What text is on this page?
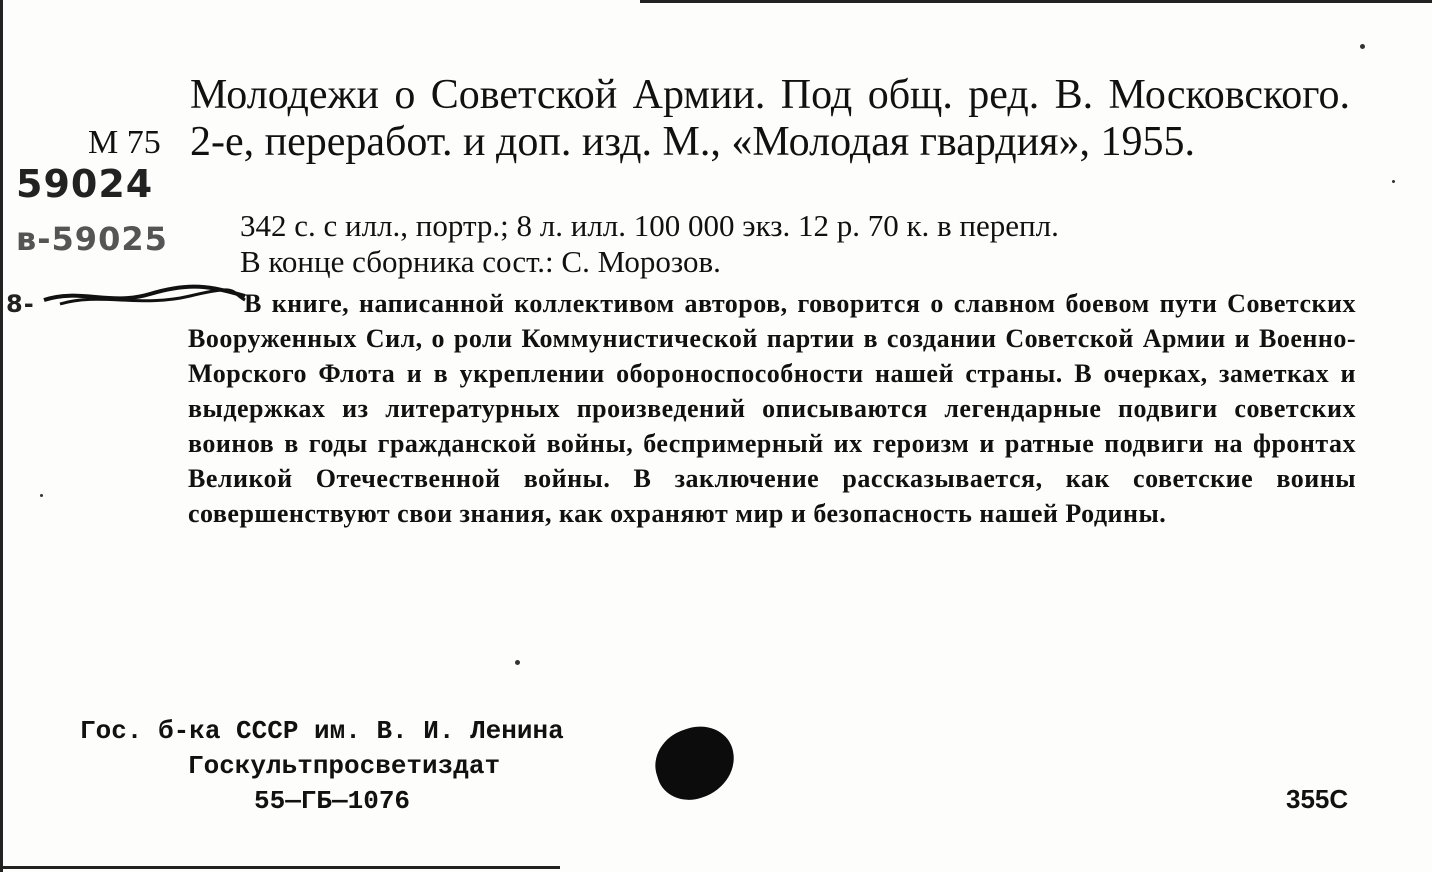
М 75
59024
в-59025
8-
Молодежи о Советской Армии. Под общ. ред. В. Московского. 2-е, переработ. и доп. изд. М., «Молодая гвардия», 1955.
342 с. с илл., портр.; 8 л. илл. 100 000 экз. 12 р. 70 к. в перепл.
В конце сборника сост.: С. Морозов.
В книге, написанной коллективом авторов, говорится о славном боевом пути Советских Вооруженных Сил, о роли Коммунистической партии в создании Советской Армии и Военно-Морского Флота и в укреплении обороноспособности нашей страны. В очерках, заметках и выдержках из литературных произведений описываются легендарные подвиги советских воинов в годы гражданской войны, беспримерный их героизм и ратные подвиги на фронтах Великой Отечественной войны. В заключение рассказывается, как советские воины совершенствуют свои знания, как охраняют мир и безопасность нашей Родины.
Гос. б-ка СССР им. В. И. Ленина
Госкультпросветиздат
55—ГБ—1076	355С
